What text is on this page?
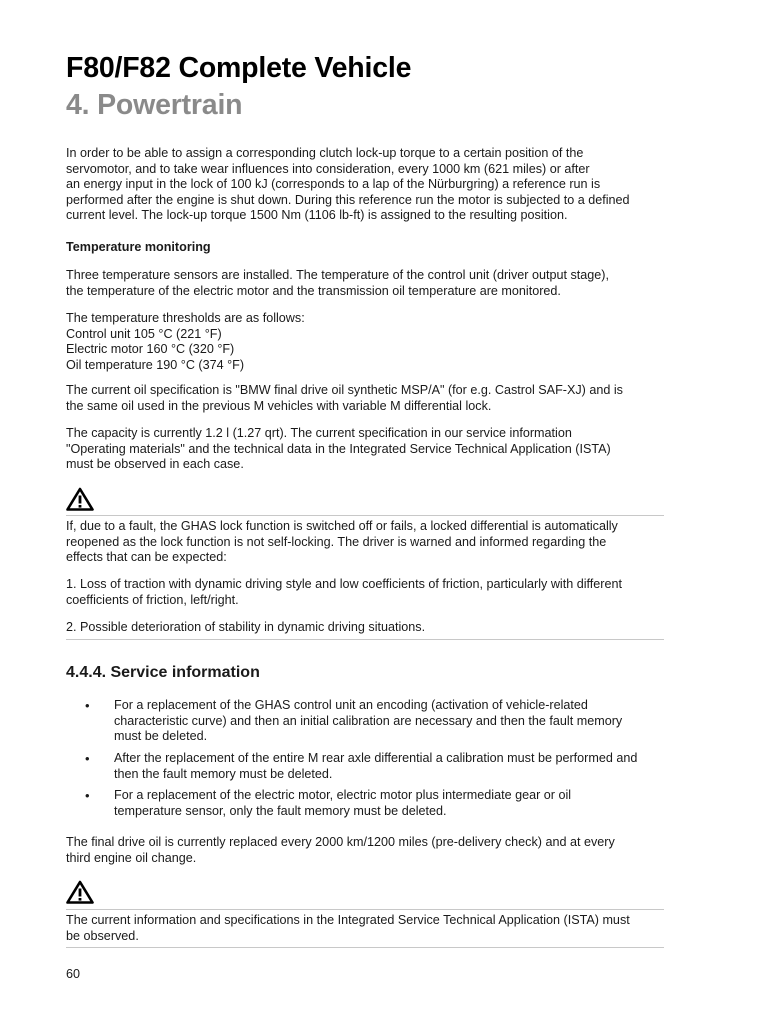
F80/F82 Complete Vehicle
4. Powertrain
In order to be able to assign a corresponding clutch lock-up torque to a certain position of the
servomotor, and to take wear influences into consideration, every 1000 km (621 miles) or after
an energy input in the lock of 100 kJ (corresponds to a lap of the Nürburgring) a reference run is
performed after the engine is shut down. During this reference run the motor is subjected to a defined
current level. The lock-up torque 1500 Nm (1106 lb-ft) is assigned to the resulting position.
Temperature monitoring
Three temperature sensors are installed. The temperature of the control unit (driver output stage),
the temperature of the electric motor and the transmission oil temperature are monitored.
The temperature thresholds are as follows:
Control unit 105 °C (221 °F)
Electric motor 160 °C (320 °F)
Oil temperature 190 °C (374 °F)
The current oil specification is "BMW final drive oil synthetic MSP/A" (for e.g. Castrol SAF-XJ) and is
the same oil used in the previous M vehicles with variable M differential lock.
The capacity is currently 1.2 l (1.27 qrt). The current specification in our service information
"Operating materials" and the technical data in the Integrated Service Technical Application (ISTA)
must be observed in each case.
If, due to a fault, the GHAS lock function is switched off or fails, a locked differential is automatically
reopened as the lock function is not self-locking. The driver is warned and informed regarding the
effects that can be expected:
1. Loss of traction with dynamic driving style and low coefficients of friction, particularly with different
coefficients of friction, left/right.
2. Possible deterioration of stability in dynamic driving situations.
4.4.4. Service information
• For a replacement of the GHAS control unit an encoding (activation of vehicle-related
characteristic curve) and then an initial calibration are necessary and then the fault memory
must be deleted.
• After the replacement of the entire M rear axle differential a calibration must be performed and
then the fault memory must be deleted.
• For a replacement of the electric motor, electric motor plus intermediate gear or oil
temperature sensor, only the fault memory must be deleted.
The final drive oil is currently replaced every 2000 km/1200 miles (pre-delivery check) and at every
third engine oil change.
The current information and specifications in the Integrated Service Technical Application (ISTA) must
be observed.
60
